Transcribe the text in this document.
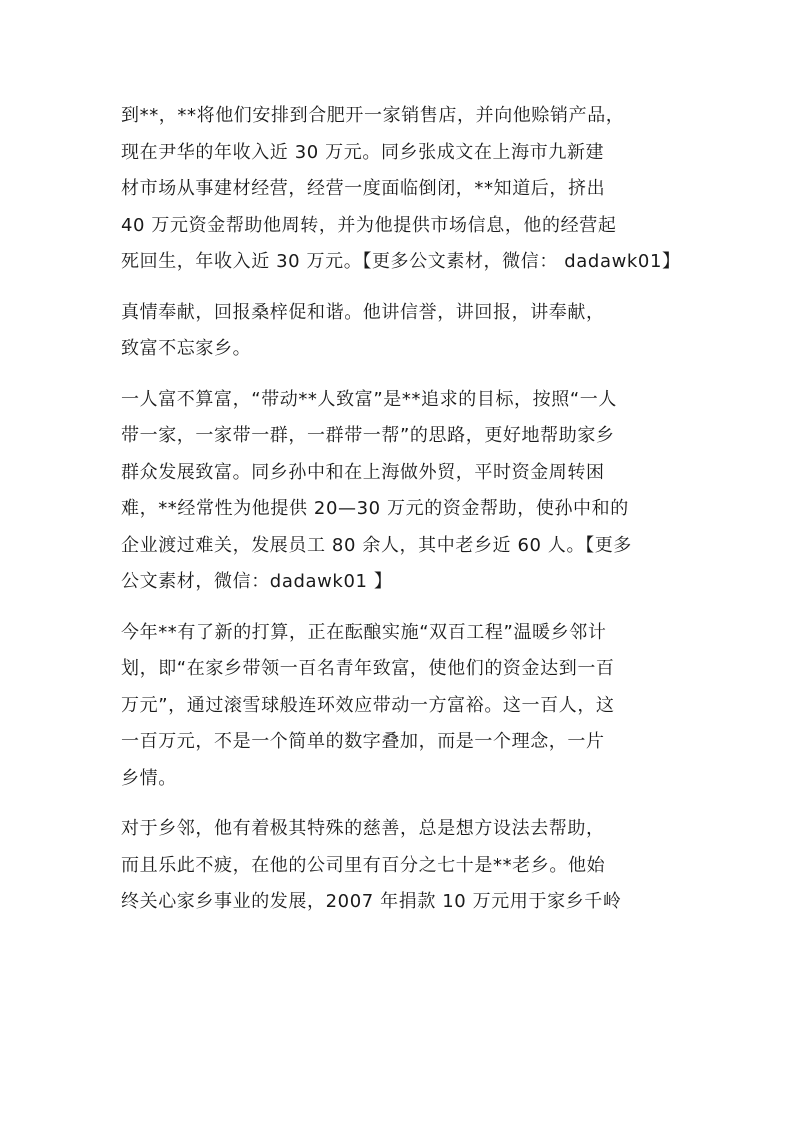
到**，**将他们安排到合肥开一家销售店，并向他赊销产品，
现在尹华的年收入近 30 万元。同乡张成文在上海市九新建
材市场从事建材经营，经营一度面临倒闭，**知道后，挤出
40 万元资金帮助他周转，并为他提供市场信息，他的经营起
死回生，年收入近 30 万元。【更多公文素材，微信： dadawk01】

真情奉献，回报桑梓促和谐。他讲信誉，讲回报，讲奉献，
致富不忘家乡。

一人富不算富，“带动**人致富”是**追求的目标，按照“一人
带一家，一家带一群，一群带一帮”的思路，更好地帮助家乡
群众发展致富。同乡孙中和在上海做外贸，平时资金周转困
难，**经常性为他提供 20—30 万元的资金帮助，使孙中和的
企业渡过难关，发展员工 80 余人，其中老乡近 60 人。【更多
公文素材，微信：dadawk01 】

今年**有了新的打算，正在酝酿实施“双百工程”温暖乡邻计
划，即“在家乡带领一百名青年致富，使他们的资金达到一百
万元”，通过滚雪球般连环效应带动一方富裕。这一百人，这
一百万元，不是一个简单的数字叠加，而是一个理念，一片
乡情。

对于乡邻，他有着极其特殊的慈善，总是想方设法去帮助，
而且乐此不疲，在他的公司里有百分之七十是**老乡。他始
终关心家乡事业的发展，2007 年捐款 10 万元用于家乡千岭
